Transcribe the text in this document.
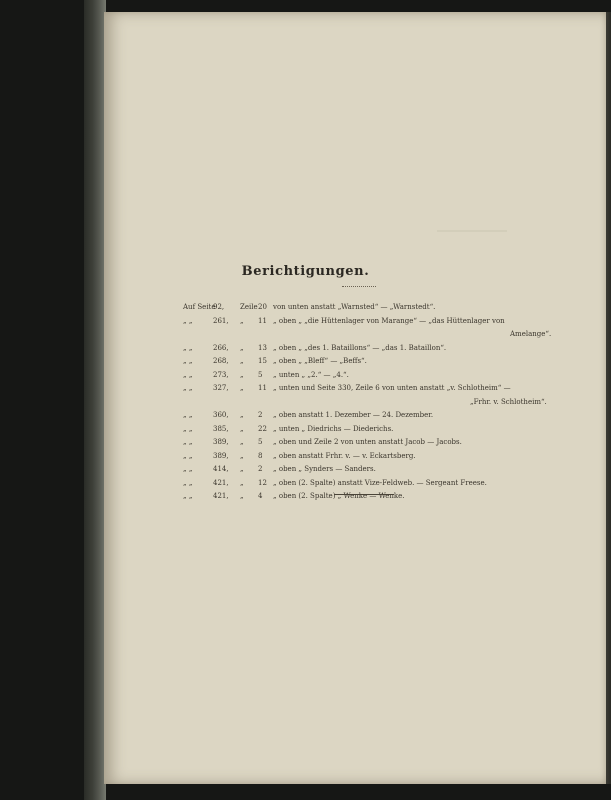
Berichtigungen.
Auf Seite
92, Zeile 20 von unten anstatt „Warnsted“ — „Warnstedt“.
„ „	261, „ 11 „ oben „ „die Hüttenlager von Marange“ — „das Hüttenlager von
Amelange“.
„ „	266, „ 13 „ oben „ „des 1. Bataillons“ — „das 1. Bataillon“.
„ „	268, „ 15 „ oben „ „Bleff“ — „Beffs“.
„ „	273, „ 5 „ unten „ „2.“ — „4.“.
„ „	327, „ 11 „ unten und Seite 330, Zeile 6 von unten anstatt „v. Schlotheim“ —
„Frhr. v. Schlotheim“.
„ „	360, „ 2 „ oben anstatt 1. Dezember — 24. Dezember.
„ „	385, „ 22 „ unten „ Diedrichs — Diederichs.
„ „	389, „ 5 „ oben und Zeile 2 von unten anstatt Jacob — Jacobs.
„ „	389, „ 8 „ oben anstatt Frhr. v. — v. Eckartsberg.
„ „	414, „ 2 „ oben „ Synders — Sanders.
„ „	421, „ 12 „ oben (2. Spalte) anstatt Vize-Feldweb. — Sergeant Freese.
„ „	421, „ 4 „ oben (2. Spalte) „ Wenke — Wenke.
